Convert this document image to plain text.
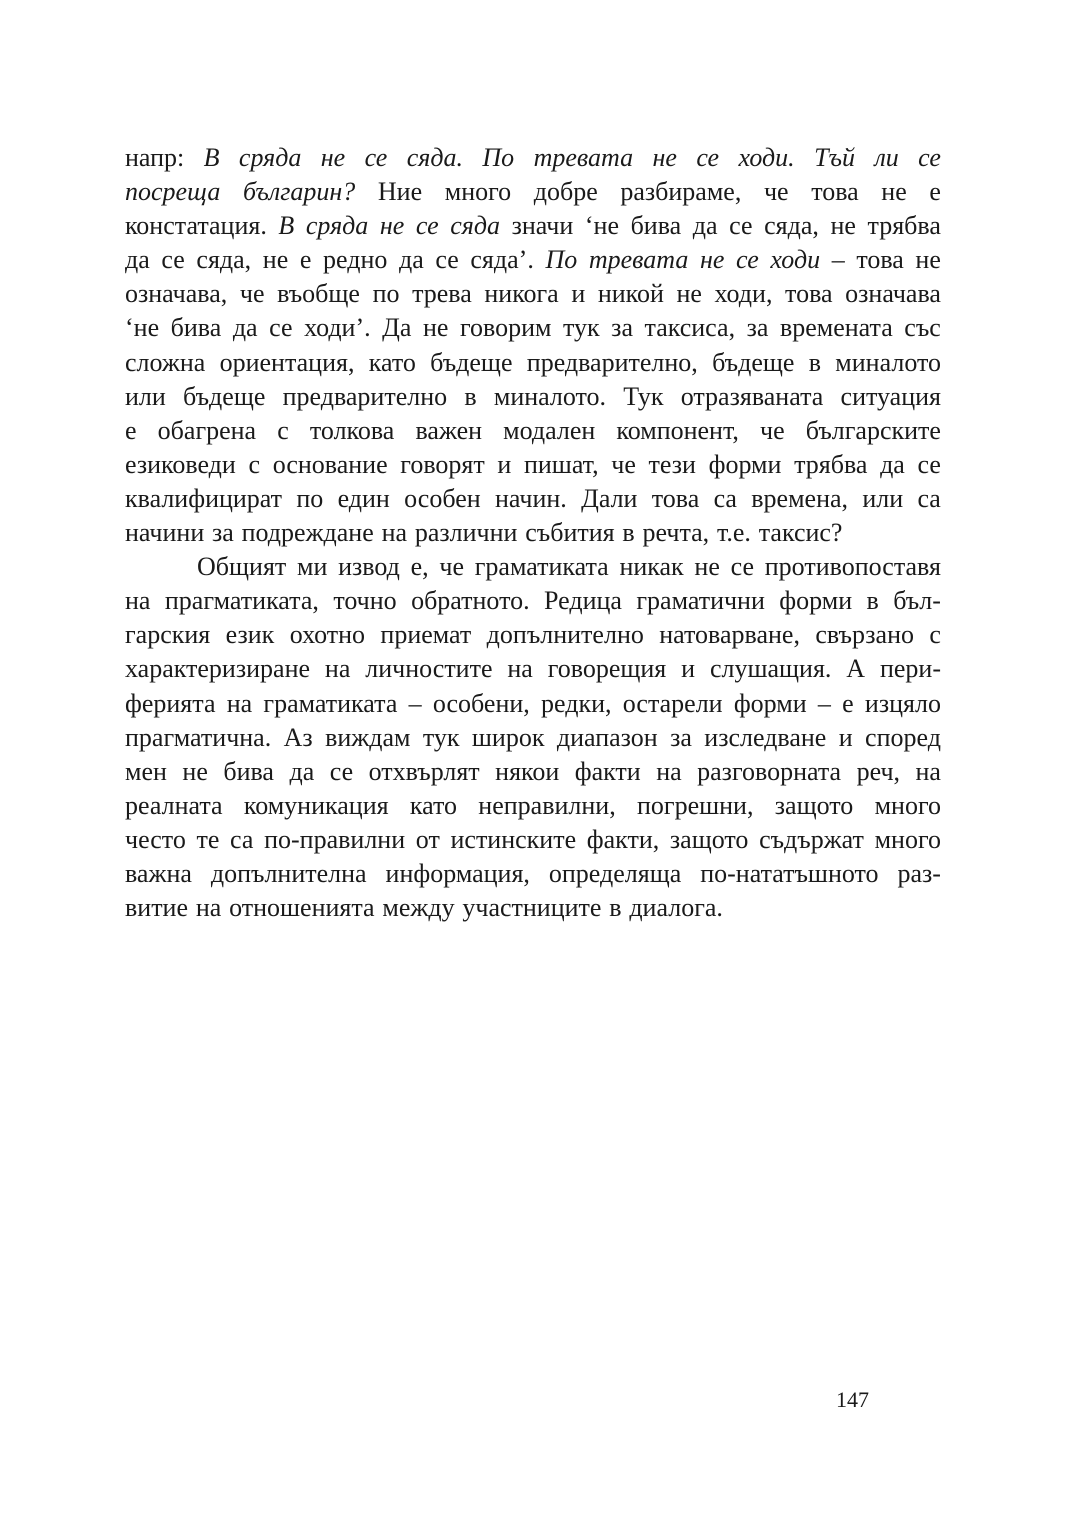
напр: В сряда не се сяда. По тревата не се ходи. Тъй ли се
посреща българин? Ние много добре разбираме, че това не е
констатация. В сряда не се сяда значи ‘не бива да се сяда, не трябва
да се сяда, не е редно да се сяда’. По тревата не се ходи – това не
означава, че въобще по трева никога и никой не ходи, това означава
‘не бива да се ходи’. Да не говорим тук за таксиса, за времената със
сложна ориентация, като бъдеще предварително, бъдеще в миналото
или бъдеще предварително в миналото. Тук отразяваната ситуация
е обагрена с толкова важен модален компонент, че българските
езиковеди с основание говорят и пишат, че тези форми трябва да се
квалифицират по един особен начин. Дали това са времена, или са
начини за подреждане на различни събития в речта, т.е. таксис?
Общият ми извод е, че граматиката никак не се противопоставя
на прагматиката, точно обратното. Редица граматични форми в бъл-
гарския език охотно приемат допълнително натоварване, свързано с
характеризиране на личностите на говорещия и слушащия. А пери-
ферията на граматиката – особени, редки, остарели форми – е изцяло
прагматична. Аз виждам тук широк диапазон за изследване и според
мен не бива да се отхвърлят някои факти на разговорната реч, на
реалната комуникация като неправилни, погрешни, защото много
често те са по-правилни от истинските факти, защото съдържат много
важна допълнителна информация, определяща по-нататъшното раз-
витие на отношенията между участниците в диалога.
147
